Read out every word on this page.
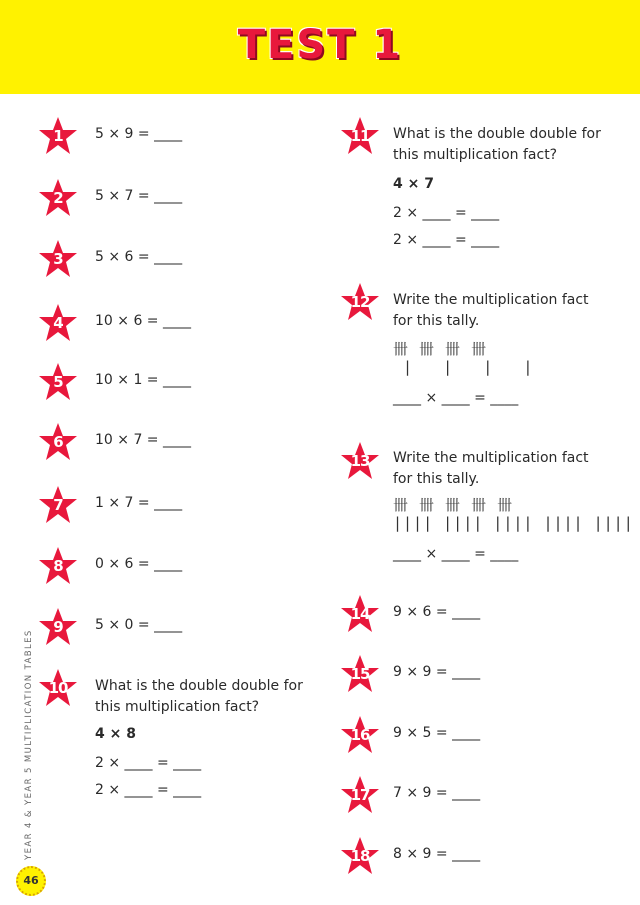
TEST 1
1	5 × 9 = ____
2	5 × 7 = ____
3	5 × 6 = ____
4	10 × 6 = ____
5	10 × 1 = ____
6	10 × 7 = ____
7	1 × 7 = ____
8	0 × 6 = ____
9	5 × 0 = ____
10	What is the double double for
this multiplication fact?
4 × 8
2 × ____ = ____
2 × ____ = ____
11	What is the double double for
this multiplication fact?
4 × 7
2 × ____ = ____
2 × ____ = ____
12	Write the multiplication fact
for this tally.
卌 卌 卌 卌
|   |   |   |
____ × ____ = ____
13	Write the multiplication fact
for this tally.
卌 卌 卌 卌 卌
|||| |||| |||| |||| ||||
____ × ____ = ____
14	9 × 6 = ____
15	9 × 9 = ____
16	9 × 5 = ____
17	7 × 9 = ____
18	8 × 9 = ____
YEAR 4 & YEAR 5 MULTIPLICATION TABLES
46
